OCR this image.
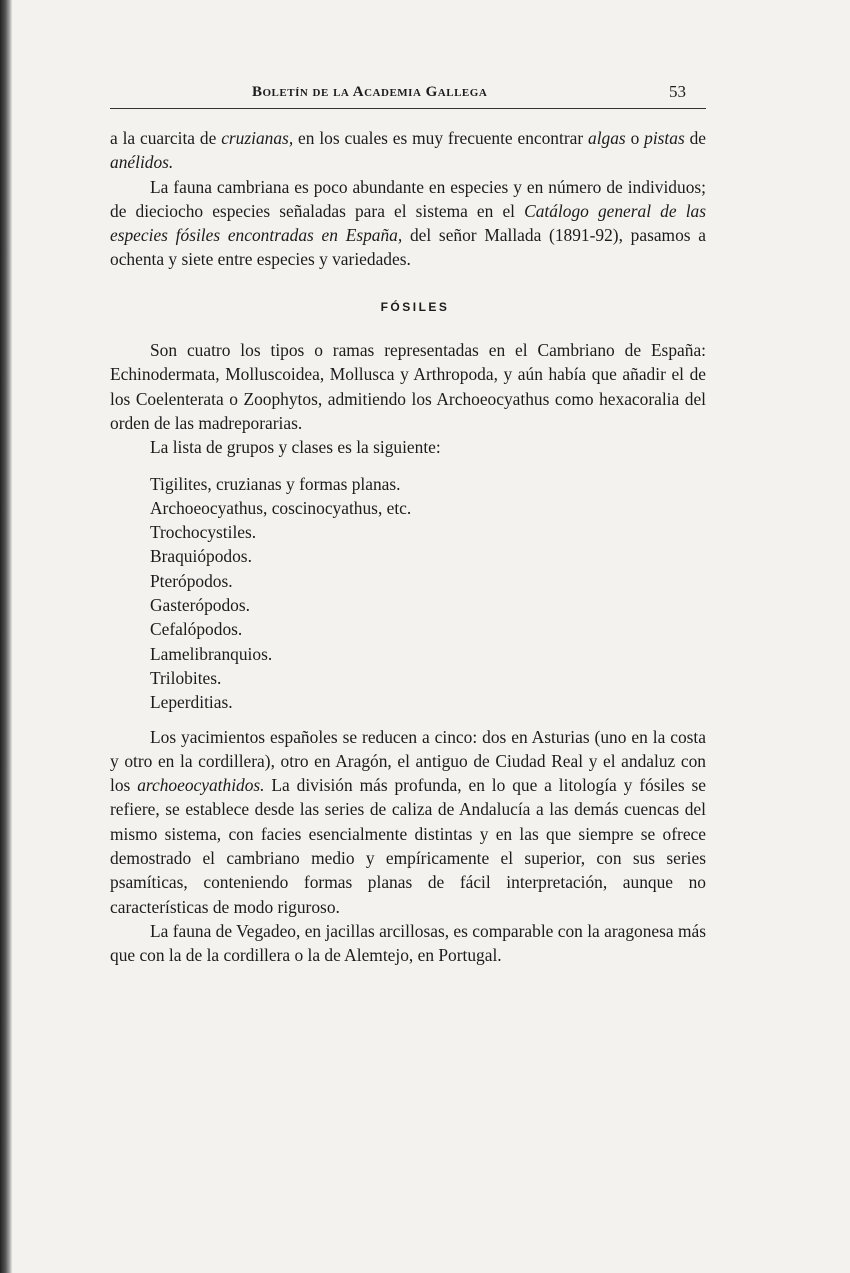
Boletín de la Academia Gallega	53

a la cuarcita de cruzianas, en los cuales es muy frecuente encontrar algas o pistas de anélidos.

La fauna cambriana es poco abundante en especies y en número de individuos; de dieciocho especies señaladas para el sistema en el Catálogo general de las especies fósiles encontradas en España, del señor Mallada (1891-92), pasamos a ochenta y siete entre especies y variedades.

FÓSILES

Son cuatro los tipos o ramas representadas en el Cambriano de España: Echinodermata, Molluscoidea, Mollusca y Arthropoda, y aún había que añadir el de los Coelenterata o Zoophytos, admitiendo los Archoeocyathus como hexacoralia del orden de las madreporarias.

La lista de grupos y clases es la siguiente:

Tigilites, cruzianas y formas planas.
Archoeocyathus, coscinocyathus, etc.
Trochocystiles.
Braquiópodos.
Pterópodos.
Gasterópodos.
Cefalópodos.
Lamelibranquios.
Trilobites.
Leperditias.

Los yacimientos españoles se reducen a cinco: dos en Asturias (uno en la costa y otro en la cordillera), otro en Aragón, el antiguo de Ciudad Real y el andaluz con los archoeocyathidos. La división más profunda, en lo que a litología y fósiles se refiere, se establece desde las series de caliza de Andalucía a las demás cuencas del mismo sistema, con facies esencialmente distintas y en las que siempre se ofrece demostrado el cambriano medio y empíricamente el superior, con sus series psamíticas, conteniendo formas planas de fácil interpretación, aunque no características de modo riguroso.

La fauna de Vegadeo, en jacillas arcillosas, es comparable con la aragonesa más que con la de la cordillera o la de Alemtejo, en Portugal.
